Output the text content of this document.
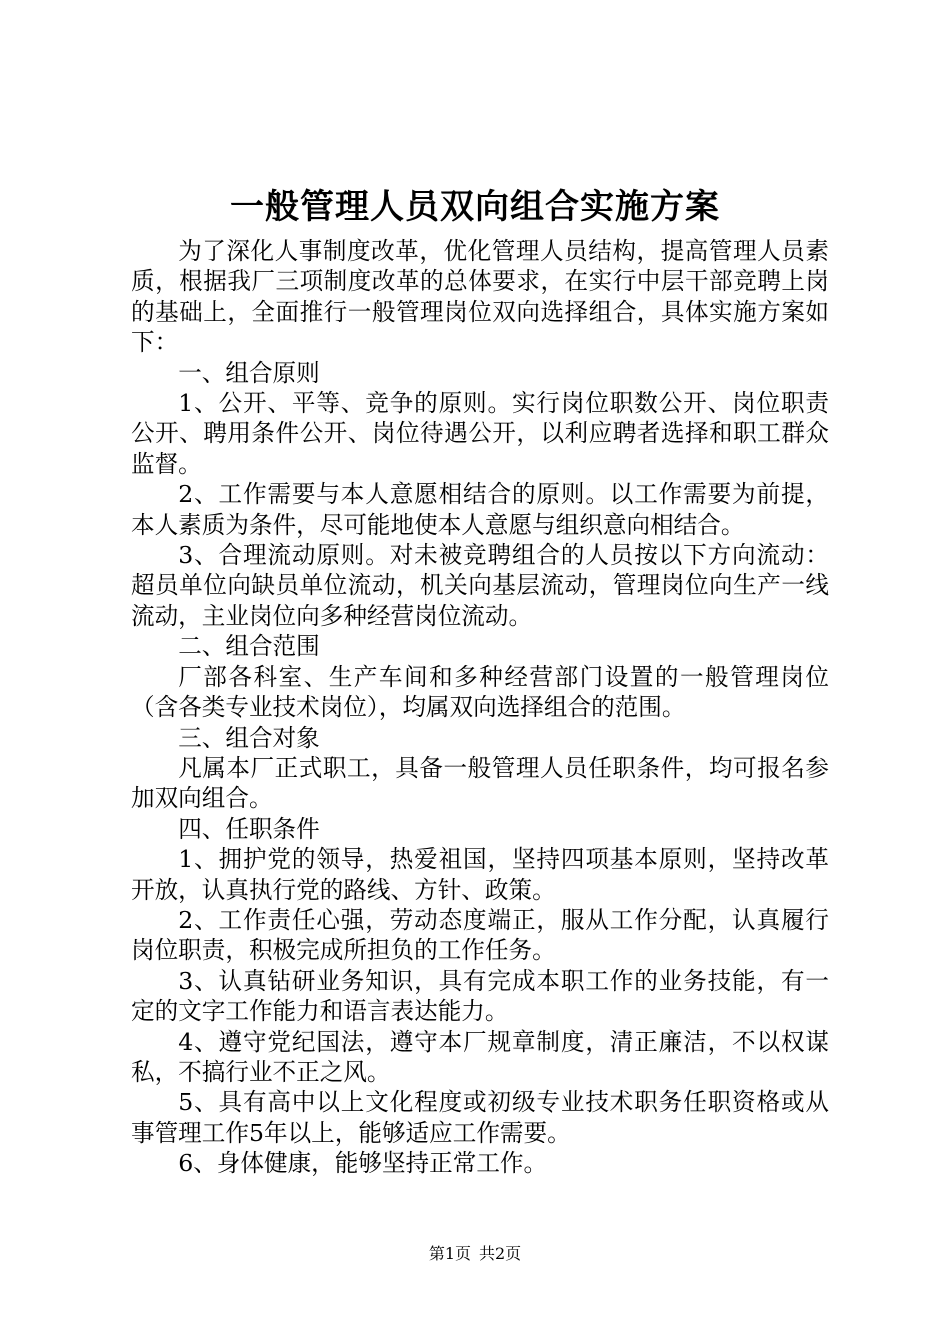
一般管理人员双向组合实施方案

为了深化人事制度改革，优化管理人员结构，提高管理人员素质，根据我厂三项制度改革的总体要求，在实行中层干部竞聘上岗的基础上，全面推行一般管理岗位双向选择组合，具体实施方案如下：

一、组合原则

1、公开、平等、竞争的原则。实行岗位职数公开、岗位职责公开、聘用条件公开、岗位待遇公开，以利应聘者选择和职工群众监督。

2、工作需要与本人意愿相结合的原则。以工作需要为前提，本人素质为条件，尽可能地使本人意愿与组织意向相结合。

3、合理流动原则。对未被竞聘组合的人员按以下方向流动：超员单位向缺员单位流动，机关向基层流动，管理岗位向生产一线流动，主业岗位向多种经营岗位流动。

二、组合范围

厂部各科室、生产车间和多种经营部门设置的一般管理岗位（含各类专业技术岗位），均属双向选择组合的范围。

三、组合对象

凡属本厂正式职工，具备一般管理人员任职条件，均可报名参加双向组合。

四、任职条件

1、拥护党的领导，热爱祖国，坚持四项基本原则，坚持改革开放，认真执行党的路线、方针、政策。

2、工作责任心强，劳动态度端正，服从工作分配，认真履行岗位职责，积极完成所担负的工作任务。

3、认真钻研业务知识，具有完成本职工作的业务技能，有一定的文字工作能力和语言表达能力。

4、遵守党纪国法，遵守本厂规章制度，清正廉洁，不以权谋私，不搞行业不正之风。

5、具有高中以上文化程度或初级专业技术职务任职资格或从事管理工作5年以上，能够适应工作需要。

6、身体健康，能够坚持正常工作。

第1页 共2页
